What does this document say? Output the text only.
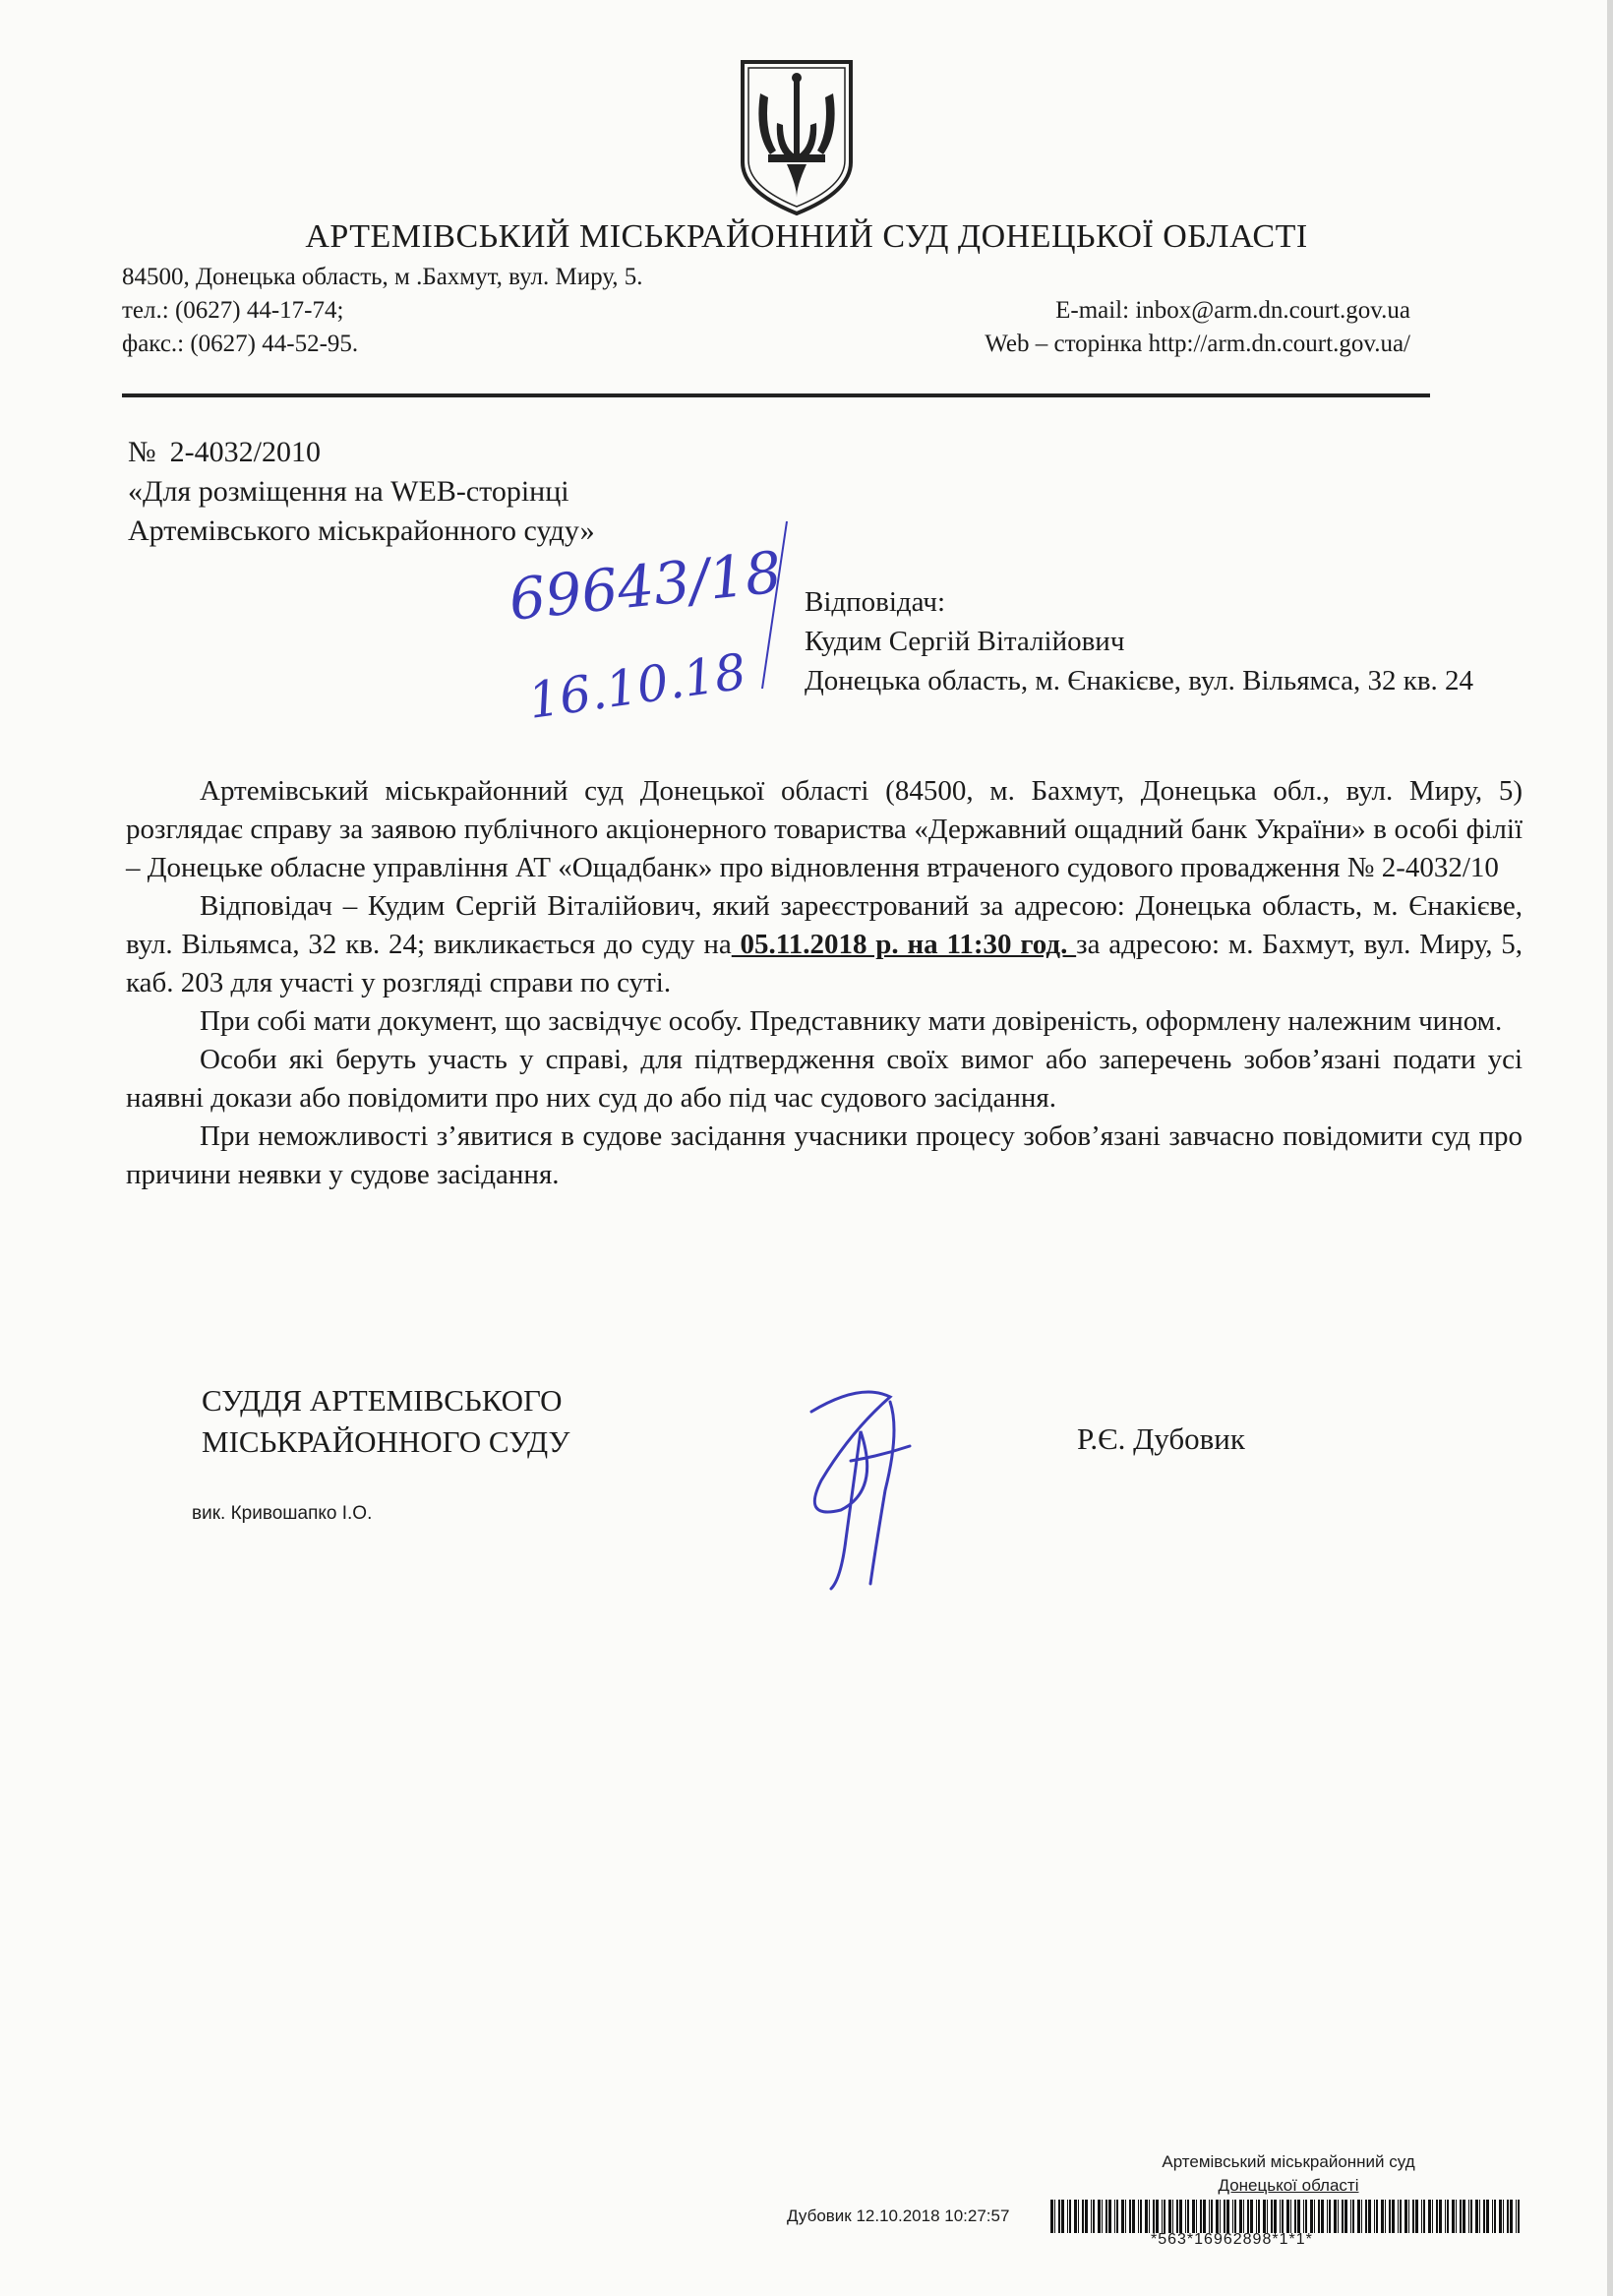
АРТЕМІВСЬКИЙ МІСЬКРАЙОННИЙ СУД ДОНЕЦЬКОЇ ОБЛАСТІ
84500, Донецька область, м .Бахмут, вул. Миру, 5.
тел.: (0627) 44-17-74;
факс.: (0627) 44-52-95.
E-mail: inbox@arm.dn.court.gov.ua
Web – сторінка http://arm.dn.court.gov.ua/
№ 2-4032/2010
«Для розміщення на WEB-сторінці
Артемівського міськрайонного суду»
69643/18
16.10.18
Відповідач:
Кудим Сергій Віталійович
Донецька область, м. Єнакієве, вул. Вільямса, 32 кв. 24

Артемівський міськрайонний суд Донецької області (84500, м. Бахмут, Донецька обл., вул. Миру, 5) розглядає справу за заявою публічного акціонерного товариства «Державний ощадний банк України» в особі філії – Донецьке обласне управління АТ «Ощадбанк» про відновлення втраченого судового провадження № 2-4032/10

Відповідач – Кудим Сергій Віталійович, який зареєстрований за адресою: Донецька область, м. Єнакієве, вул. Вільямса, 32 кв. 24; викликається до суду на 05.11.2018 р. на 11:30 год. за адресою: м. Бахмут, вул. Миру, 5, каб. 203 для участі у розгляді справи по суті.

При собі мати документ, що засвідчує особу. Представнику мати довіреність, оформлену належним чином.

Особи які беруть участь у справі, для підтвердження своїх вимог або заперечень зобов’язані подати усі наявні докази або повідомити про них суд до або під час судового засідання.

При неможливості з’явитися в судове засідання учасники процесу зобов’язані завчасно повідомити суд про причини неявки у судове засідання.

СУДДЯ АРТЕМІВСЬКОГО
МІСЬКРАЙОННОГО СУДУ	Р.Є. Дубовик
вик. Кривошапко І.О.
Артемівський міськрайонний суд
Донецької області
Дубовик 12.10.2018 10:27:57
*563*16962898*1*1*
